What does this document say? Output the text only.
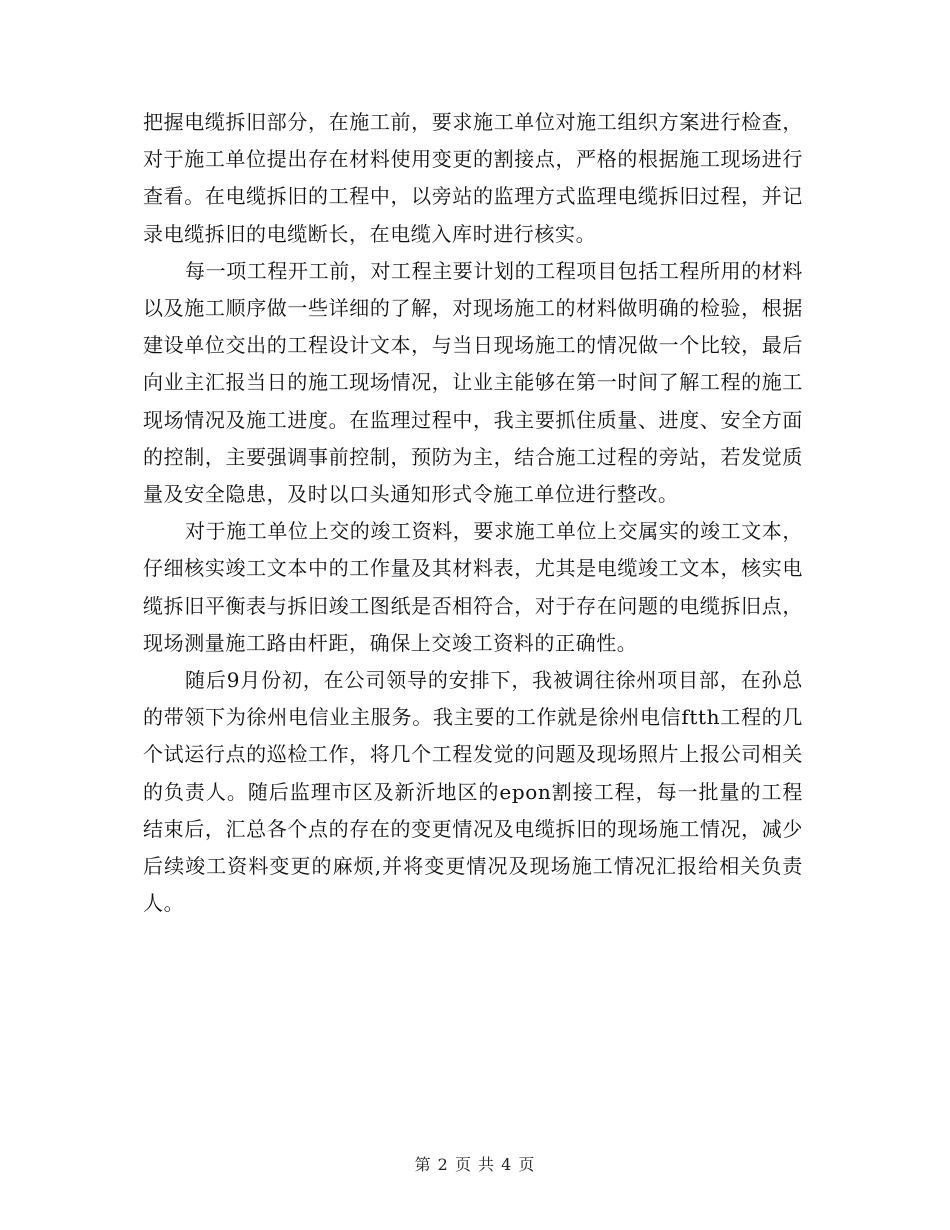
把握电缆拆旧部分，在施工前，要求施工单位对施工组织方案进行检查，对于施工单位提出存在材料使用变更的割接点，严格的根据施工现场进行查看。在电缆拆旧的工程中，以旁站的监理方式监理电缆拆旧过程，并记录电缆拆旧的电缆断长，在电缆入库时进行核实。

每一项工程开工前，对工程主要计划的工程项目包括工程所用的材料以及施工顺序做一些详细的了解，对现场施工的材料做明确的检验，根据建设单位交出的工程设计文本，与当日现场施工的情况做一个比较，最后向业主汇报当日的施工现场情况，让业主能够在第一时间了解工程的施工现场情况及施工进度。在监理过程中，我主要抓住质量、进度、安全方面的控制，主要强调事前控制，预防为主，结合施工过程的旁站，若发觉质量及安全隐患，及时以口头通知形式令施工单位进行整改。

对于施工单位上交的竣工资料，要求施工单位上交属实的竣工文本，仔细核实竣工文本中的工作量及其材料表，尤其是电缆竣工文本，核实电缆拆旧平衡表与拆旧竣工图纸是否相符合，对于存在问题的电缆拆旧点，现场测量施工路由杆距，确保上交竣工资料的正确性。

随后9月份初，在公司领导的安排下，我被调往徐州项目部，在孙总的带领下为徐州电信业主服务。我主要的工作就是徐州电信ftth工程的几个试运行点的巡检工作，将几个工程发觉的问题及现场照片上报公司相关的负责人。随后监理市区及新沂地区的epon割接工程，每一批量的工程结束后，汇总各个点的存在的变更情况及电缆拆旧的现场施工情况，减少后续竣工资料变更的麻烦,并将变更情况及现场施工情况汇报给相关负责人。

第 2 页 共 4 页
